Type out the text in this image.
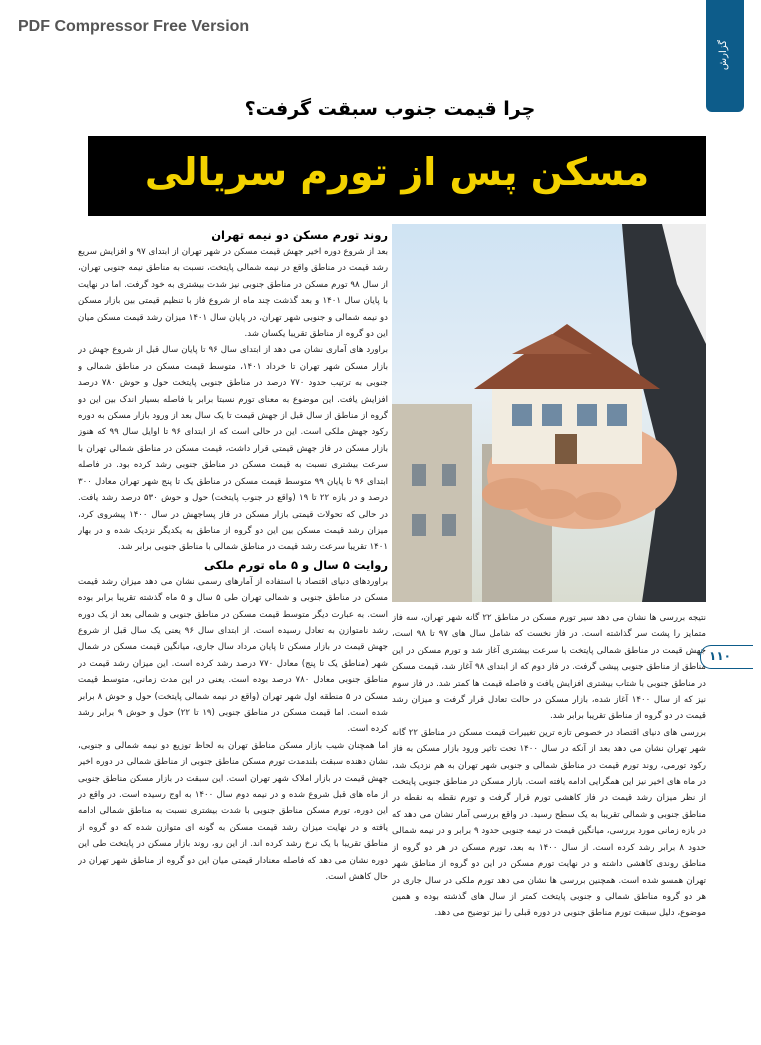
PDF Compressor Free Version
گزارش
چرا قیمت جنوب سبقت گرفت؟
مسکن پس از تورم سریالی
روند تورم مسکن دو نیمه تهران
بعد از شروع دوره اخیر جهش قیمت مسکن در شهر تهران از ابتدای ۹۷ و افزایش سریع رشد قیمت در مناطق واقع در نیمه شمالی پایتخت، نسبت به مناطق نیمه جنوبی تهران، از سال ۹۸ تورم مسکن در مناطق جنوبی نیز شدت بیشتری به خود گرفت. اما در نهایت با پایان سال ۱۴۰۱ و بعد گذشت چند ماه از شروع فاز با تنظیم قیمتی بین بازار مسکن دو نیمه شمالی و جنوبی شهر تهران، در پایان سال ۱۴۰۱ میزان رشد قیمت مسکن میان این دو گروه از مناطق تقریبا یکسان شد.
براورد های آماری نشان می دهد از ابتدای سال ۹۶ تا پایان سال قبل از شروع جهش در بازار مسکن شهر تهران تا خرداد ۱۴۰۱، متوسط قیمت مسکن در مناطق شمالی و جنوبی به ترتیب حدود ۷۷۰ درصد در مناطق جنوبی پایتخت حول و حوش ۷۸۰ درصد افزایش یافت. این موضوع به معنای تورم نسبتا برابر با فاصله بسیار اندک بین این دو گروه از مناطق از سال قبل از جهش قیمت تا یک سال بعد از ورود بازار مسکن به دوره رکود جهش ملکی است. این در حالی است که از ابتدای ۹۶ تا اوایل سال ۹۹ که هنوز بازار مسکن در فاز جهش قیمتی قرار داشت، قیمت مسکن در مناطق شمالی تهران با سرعت بیشتری نسبت به قیمت مسکن در مناطق جنوبی رشد کرده بود. در فاصله ابتدای ۹۶ تا پایان ۹۹ متوسط قیمت مسکن در مناطق یک تا پنج شهر تهران معادل ۳۰۰ درصد و در بازه ۲۲ تا ۱۹ (واقع در جنوب پایتخت) حول و حوش ۵۳۰ درصد رشد یافت. در حالی که تحولات قیمتی بازار مسکن در فاز پساجهش در سال ۱۴۰۰ پیشروی کرد، میزان رشد قیمت مسکن بین این دو گروه از مناطق به یکدیگر نزدیک شده و در بهار ۱۴۰۱ تقریبا سرعت رشد قیمت در مناطق شمالی با مناطق جنوبی برابر شد.
روایت ۵ سال و ۵ ماه تورم ملکی
براوردهای دنیای اقتصاد با استفاده از آمارهای رسمی نشان می دهد میزان رشد قیمت مسکن در مناطق جنوبی و شمالی تهران طی ۵ سال و ۵ ماه گذشته تقریبا برابر بوده است. به عبارت دیگر متوسط قیمت مسکن در مناطق جنوبی و شمالی بعد از یک دوره رشد نامتوازن به تعادل رسیده است. از ابتدای سال ۹۶ یعنی یک سال قبل از شروع جهش قیمت در بازار مسکن تا پایان مرداد سال جاری، میانگین قیمت مسکن در شمال شهر (مناطق یک تا پنج) معادل ۷۷۰ درصد رشد کرده است. این میزان رشد قیمت در مناطق جنوبی معادل ۷۸۰ درصد بوده است. یعنی در این مدت زمانی، متوسط قیمت مسکن در ۵ منطقه اول شهر تهران (واقع در نیمه شمالی پایتخت) حول و حوش ۸ برابر شده است. اما قیمت مسکن در مناطق جنوبی (۱۹ تا ۲۲) حول و حوش ۹ برابر رشد کرده است.
اما همچنان شیب بازار مسکن مناطق تهران به لحاظ توزیع دو نیمه شمالی و جنوبی، نشان دهنده سبقت بلندمدت تورم مسکن مناطق جنوبی از مناطق شمالی در دوره اخیر جهش قیمت در بازار املاک شهر تهران است. این سبقت در بازار مسکن مناطق جنوبی از ماه های قبل شروع شده و در نیمه دوم سال ۱۴۰۰ به اوج رسیده است. در واقع در این دوره، تورم مسکن مناطق جنوبی با شدت بیشتری نسبت به مناطق شمالی ادامه یافته و در نهایت میزان رشد قیمت مسکن به گونه ای متوازن شده که دو گروه از مناطق تقریبا با یک نرخ رشد کرده اند. از این رو، روند بازار مسکن در پایتخت طی این دوره نشان می دهد که فاصله معنادار قیمتی میان این دو گروه از مناطق شهر تهران در حال کاهش است.
نتیجه بررسی ها نشان می دهد سیر تورم مسکن در مناطق ۲۲ گانه شهر تهران، سه فاز متمایز را پشت سر گذاشته است. در فاز نخست که شامل سال های ۹۷ تا ۹۸ است، جهش قیمت در مناطق شمالی پایتخت با سرعت بیشتری آغاز شد و تورم مسکن در این مناطق از مناطق جنوبی پیشی گرفت. در فاز دوم که از ابتدای ۹۸ آغاز شد، قیمت مسکن در مناطق جنوبی با شتاب بیشتری افزایش یافت و فاصله قیمت ها کمتر شد. در فاز سوم نیز که از سال ۱۴۰۰ آغاز شده، بازار مسکن در حالت تعادل قرار گرفت و میزان رشد قیمت در دو گروه از مناطق تقریبا برابر شد.
بررسی های دنیای اقتصاد در خصوص تازه ترین تغییرات قیمت مسکن در مناطق ۲۲ گانه شهر تهران نشان می دهد بعد از آنکه در سال ۱۴۰۰ تحت تاثیر ورود بازار مسکن به فاز رکود تورمی، روند تورم قیمت در مناطق شمالی و جنوبی شهر تهران به هم نزدیک شد، در ماه های اخیر نیز این همگرایی ادامه یافته است. بازار مسکن در مناطق جنوبی پایتخت از نظر میزان رشد قیمت در فاز کاهشی تورم قرار گرفت و تورم نقطه به نقطه در مناطق جنوبی و شمالی تقریبا به یک سطح رسید. در واقع بررسی آمار نشان می دهد که در بازه زمانی مورد بررسی، میانگین قیمت در نیمه جنوبی حدود ۹ برابر و در نیمه شمالی حدود ۸ برابر رشد کرده است. از سال ۱۴۰۰ به بعد، تورم مسکن در هر دو گروه از مناطق روندی کاهشی داشته و در نهایت تورم مسکن در این دو گروه از مناطق شهر تهران همسو شده است. همچنین بررسی ها نشان می دهد تورم ملکی در سال جاری در هر دو گروه مناطق شمالی و جنوبی پایتخت کمتر از سال های گذشته بوده و همین موضوع، دلیل سبقت تورم مناطق جنوبی در دوره قبلی را نیز توضیح می دهد.
۱۱۰
